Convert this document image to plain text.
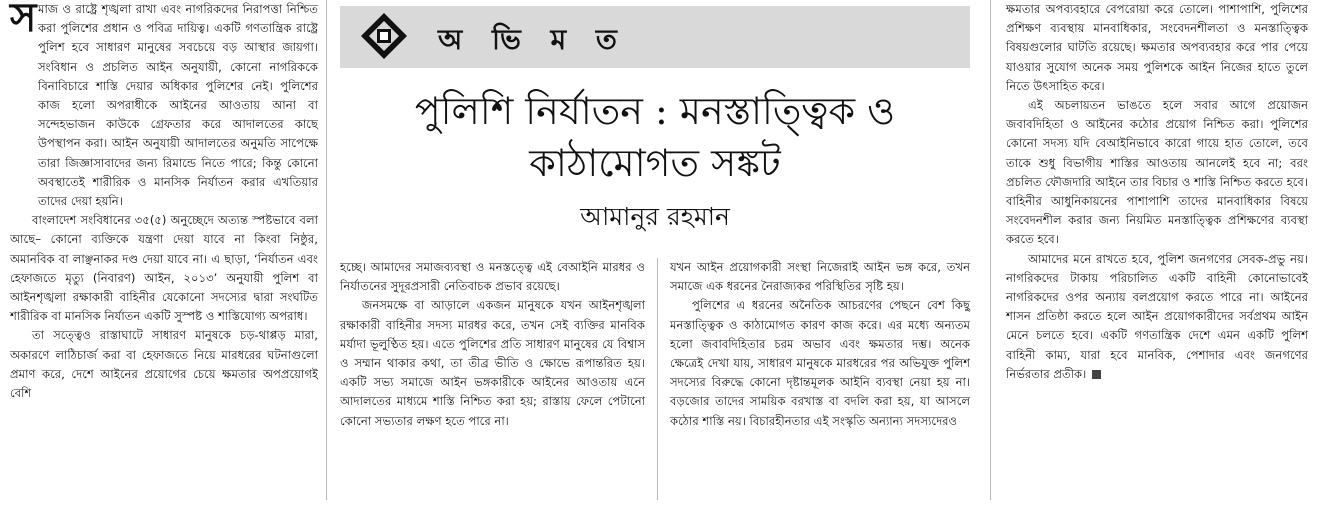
স মাজ ও রাষ্ট্রে শৃঙ্খলা রাখা এবং নাগরিকদের নিরাপত্তা নিশ্চিত করা পুলিশের প্রধান ও পবিত্র দায়িত্ব। একটি গণতান্ত্রিক রাষ্ট্রে পুলিশ হবে সাধারণ মানুষের সবচেয়ে বড় আস্থার জায়গা। সংবিধান ও প্রচলিত আইন অনুযায়ী, কোনো নাগরিককে বিনাবিচারে শাস্তি দেয়ার অধিকার পুলিশের নেই। পুলিশের কাজ হলো অপরাধীকে আইনের আওতায় আনা বা সন্দেহভাজন কাউকে গ্রেফতার করে আদালতের কাছে উপস্থাপন করা। আইন অনুযায়ী আদালতের অনুমতি সাপেক্ষে তারা জিজ্ঞাসাবাদের জন্য রিমান্ডে নিতে পারে; কিন্তু কোনো অবস্থাতেই শারীরিক ও মানসিক নির্যাতন করার এখতিয়ার তাদের দেয়া হয়নি।

বাংলাদেশ সংবিধানের ৩৫(৫) অনুচ্ছেদে অত্যন্ত স্পষ্টভাবে বলা আছে– কোনো ব্যক্তিকে যন্ত্রণা দেয়া যাবে না কিংবা নিষ্ঠুর, অমানবিক বা লাঞ্ছনাকর দণ্ড দেয়া যাবে না। এ ছাড়া, ‘নির্যাতন এবং হেফাজতে মৃত্যু (নিবারণ) আইন, ২০১৩’ অনুযায়ী পুলিশ বা আইনশৃঙ্খলা রক্ষাকারী বাহিনীর যেকোনো সদস্যের দ্বারা সংঘটিত শারীরিক বা মানসিক নির্যাতন একটি সুস্পষ্ট ও শাস্তিযোগ্য অপরাধ।

তা সত্ত্বেও রাস্তাঘাটে সাধারণ মানুষকে চড়-থাপ্পড় মারা, অকারণে লাঠিচার্জ করা বা হেফাজতে নিয়ে মারধরের ঘটনাগুলো প্রমাণ করে, দেশে আইনের প্রয়োগের চেয়ে ক্ষমতার অপপ্রয়োগই বেশি

অ ভি ম ত
পুলিশি নির্যাতন : মনস্তাত্ত্বিক ও
কাঠামোগত সঙ্কট
আমানুর রহমান

হচ্ছে। আমাদের সমাজব্যবস্থা ও মনস্তত্ত্বে এই বেআইনি মারধর ও নির্যাতনের সুদূরপ্রসারী নেতিবাচক প্রভাব রয়েছে।

জনসমক্ষে বা আড়ালে একজন মানুষকে যখন আইনশৃঙ্খলা রক্ষাকারী বাহিনীর সদস্য মারধর করে, তখন সেই ব্যক্তির মানবিক মর্যাদা ভূলুণ্ঠিত হয়। এতে পুলিশের প্রতি সাধারণ মানুষের যে বিশ্বাস ও সম্মান থাকার কথা, তা তীব্র ভীতি ও ক্ষোভে রূপান্তরিত হয়। একটি সভ্য সমাজে আইন ভঙ্গকারীকে আইনের আওতায় এনে আদালতের মাধ্যমে শাস্তি নিশ্চিত করা হয়; রাস্তায় ফেলে পেটানো কোনো সভ্যতার লক্ষণ হতে পারে না।

যখন আইন প্রয়োগকারী সংস্থা নিজেরাই আইন ভঙ্গ করে, তখন সমাজে এক ধরনের নৈরাজ্যকর পরিস্থিতির সৃষ্টি হয়।

পুলিশের এ ধরনের অনৈতিক আচরণের পেছনে বেশ কিছু মনস্তাত্ত্বিক ও কাঠামোগত কারণ কাজ করে। এর মধ্যে অন্যতম হলো জবাবদিহিতার চরম অভাব এবং ক্ষমতার দম্ভ। অনেক ক্ষেত্রেই দেখা যায়, সাধারণ মানুষকে মারধরের পর অভিযুক্ত পুলিশ সদস্যের বিরুদ্ধে কোনো দৃষ্টান্তমূলক আইনি ব্যবস্থা নেয়া হয় না। বড়জোর তাদের সাময়িক বরখাস্ত বা বদলি করা হয়, যা আসলে কঠোর শাস্তি নয়। বিচারহীনতার এই সংস্কৃতি অন্যান্য সদস্যদেরও

ক্ষমতার অপব্যবহারে বেপরোয়া করে তোলে। পাশাপাশি, পুলিশের প্রশিক্ষণ ব্যবস্থায় মানবাধিকার, সংবেদনশীলতা ও মনস্তাত্ত্বিক বিষয়গুলোর ঘাটতি রয়েছে। ক্ষমতার অপব্যবহার করে পার পেয়ে যাওয়ার সুযোগ অনেক সময় পুলিশকে আইন নিজের হাতে তুলে নিতে উৎসাহিত করে।

এই অচলায়তন ভাঙতে হলে সবার আগে প্রয়োজন জবাবদিহিতা ও আইনের কঠোর প্রয়োগ নিশ্চিত করা। পুলিশের কোনো সদস্য যদি বেআইনিভাবে কারো গায়ে হাত তোলে, তবে তাকে শুধু বিভাগীয় শাস্তির আওতায় আনলেই হবে না; বরং প্রচলিত ফৌজদারি আইনে তার বিচার ও শাস্তি নিশ্চিত করতে হবে। বাহিনীর আধুনিকায়নের পাশাপাশি তাদের মানবাধিকার বিষয়ে সংবেদনশীল করার জন্য নিয়মিত মনস্তাত্ত্বিক প্রশিক্ষণের ব্যবস্থা করতে হবে।

আমাদের মনে রাখতে হবে, পুলিশ জনগণের সেবক-প্রভু নয়। নাগরিকদের টাকায় পরিচালিত একটি বাহিনী কোনোভাবেই নাগরিকদের ওপর অন্যায় বলপ্রয়োগ করতে পারে না। আইনের শাসন প্রতিষ্ঠা করতে হলে আইন প্রয়োগকারীদের সর্বপ্রথম আইন মেনে চলতে হবে। একটি গণতান্ত্রিক দেশে এমন একটি পুলিশ বাহিনী কাম্য, যারা হবে মানবিক, পেশাদার এবং জনগণের নির্ভরতার প্রতীক।
